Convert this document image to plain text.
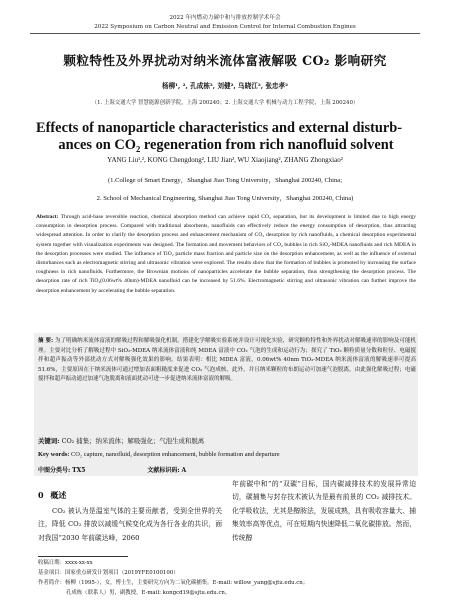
2022 年内燃动力碳中和与排放控制学术年会
2022 Symposium on Carbon Neutral and Emission Control for Internal Combustion Engines
颗粒特性及外界扰动对纳米流体富液解吸 CO₂ 影响研究
杨柳¹, ², 孔成栋², 刘健², 乌晓江², 张忠孝²
（1. 上海交通大学 智慧能源创新学院，上海 200240；2. 上海交通大学 机械与动力工程学院，上海 200240）
Effects of nanoparticle characteristics and external disturb-
ances on CO₂ regeneration from rich nanofluid solvent
YANG Liu¹,², KONG Chengdong², LIU Jian², WU Xiaojiang², ZHANG Zhongxiao²
(1.College of Smart Energy，Shanghai Jiao Tong University，Shanghai 200240, China;
2. School of Mechanical Engineering, Shanghai Jiao Tong University，Shanghai 200240, China)
Abstract: Through acid-base reversible reaction, chemical absorption method can achieve rapid CO₂ separation, but its development is limited due to high energy consumption in desorption process. Compared with traditional absorbents, nanofluids can effectively reduce the energy consumption of desorption, thus attracting widespread attention. In order to clarify the desorption process and enhancement mechanism of CO₂ desorption by rich nanofluids, a chemical desorption experimental system together with visualization experiments was designed. The formation and movement behaviors of CO₂ bubbles in rich SiO₂-MDEA nanofluids and rich MDEA in the desorption processes were studied. The influence of TiO₂ particle mass fraction and particle size on the desorption enhancement, as well as the influence of external disturbances such as electromagnetic stirring and ultrasonic vibration were explored. The results show that the formation of bubbles is promoted by increasing the surface roughness in rich nanofluids. Furthermore, the Brownian motions of nanoparticles accelerate the bubble separation, thus strengthening the desorption process. The desorption rate of rich TiO₂(0.06wt% 40nm)-MDEA nanofluid can be increased by 51.6%. Electromagnetic stirring and ultrasonic vibration can further improve the desorption enhancement by accelerating the bubble separation.
摘 要: 为了明确纳米流体富液的解吸过程和解吸强化机制，搭建化学解吸实验系统并设计可视化实验，研究颗粒特性和外界扰动对解吸速率的影响及可能机理。主要对比分析了解吸过程中 SiO₂-MDEA 纳米流体富液和纯 MDEA 富液中 CO₂ 气泡的生成和运动行为；探究了 TiO₂ 颗粒质量分数和粒径、电磁搅拌和超声振动等外部扰动方式对解吸强化效果的影响。结果表明：相比 MDEA 富液，0.06wt% 40nm TiO₂-MDEA 纳米流体富液的解吸速率可提高 51.6%，主要原因在于纳米流体可通过增加表面粗糙度来促进 CO₂ 气泡成核，此外，并且纳米颗粒的布朗运动可加速气泡脱离，由此强化解吸过程；电磁搅拌和超声振动通过加速气泡脱离和液面扰动可进一步促进纳米流体富液的解吸。
关键词: CO₂ 捕集；纳米流体；解吸强化；气泡生成和脱离
Key words: CO₂ capture, nanofluid, desorption enhancement, bubble formation and departure
中图分类号: TX5	文献标识码: A
0 概述
CO₂ 被认为是温室气体的主要贡献者，受到全世界的关注，降低 CO₂ 排放以减缓气候变化成为各行各业的共识，面对我国“2030 年前碳达峰，2060
年前碳中和”的“双碳”目标，国内碳减排技术的发展异常迫切，碳捕集与封存技术被认为是最有前景的 CO₂ 减排技术。化学吸收法，尤其是醇胺法，发展成熟，具有吸收容量大、捕集效率高等优点，可在短期内快速降低二氧化碳排放。然而，传统醇
收稿日期：xxxx-xx-xx
基金项目：国家重点研发计划项目（2019YFE0100100）
作者简介：杨柳（1995-），女，博士生，主要研究方向为二氧化碳捕集。E-mail: willow_yang@sjtu.edu.cn；
孔成栋（联系人）男，副教授，E-mail: kongcd19@sjtu.edu.cn。
